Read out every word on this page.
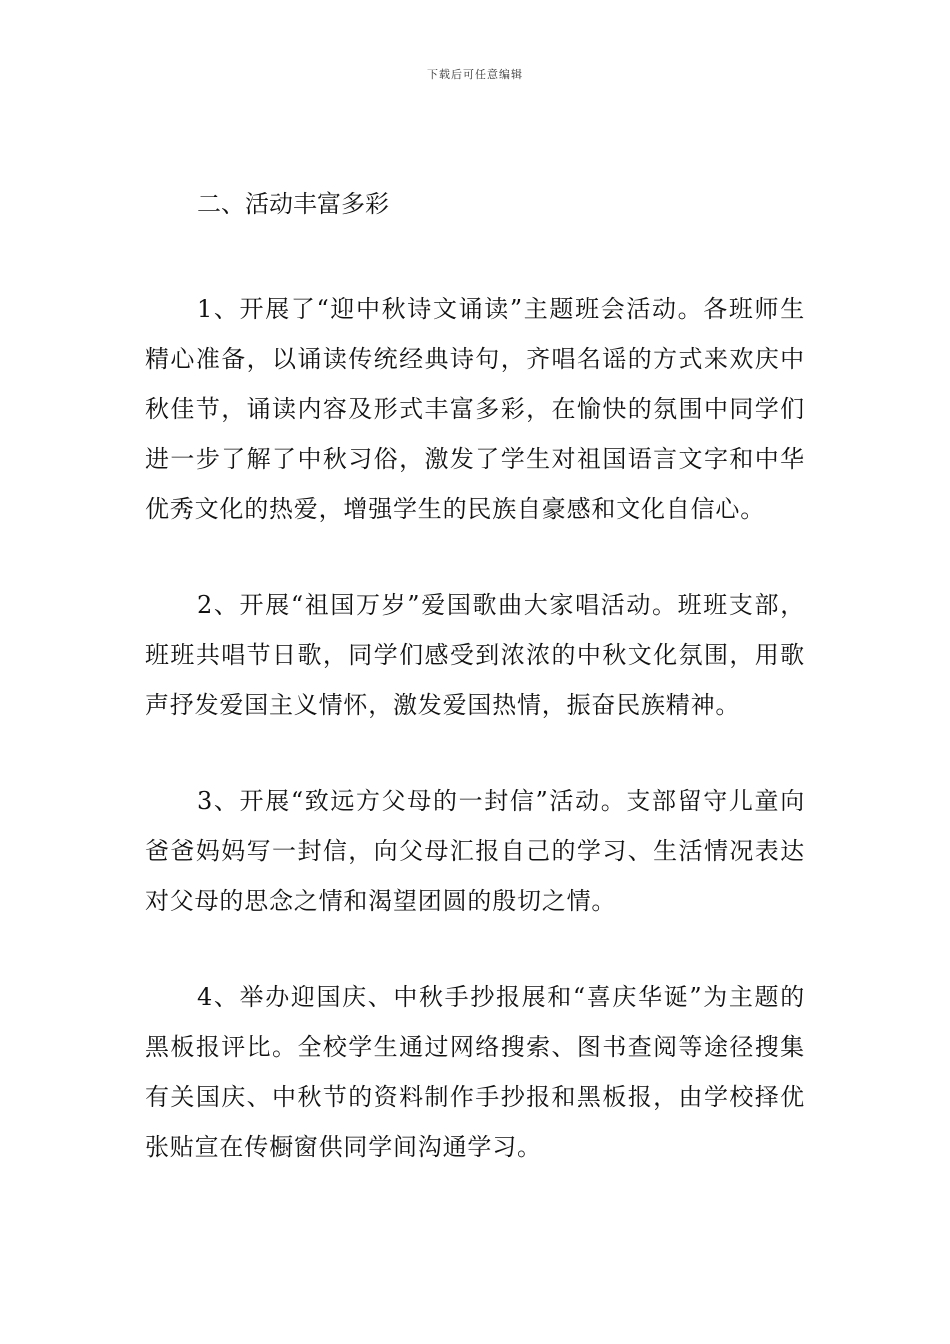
下载后可任意编辑
二、活动丰富多彩

1、开展了“迎中秋诗文诵读”主题班会活动。各班师生精心准备，以诵读传统经典诗句，齐唱名谣的方式来欢庆中秋佳节，诵读内容及形式丰富多彩，在愉快的氛围中同学们进一步了解了中秋习俗，激发了学生对祖国语言文字和中华优秀文化的热爱，增强学生的民族自豪感和文化自信心。

2、开展“祖国万岁”爱国歌曲大家唱活动。班班支部，班班共唱节日歌，同学们感受到浓浓的中秋文化氛围，用歌声抒发爱国主义情怀，激发爱国热情，振奋民族精神。

3、开展“致远方父母的一封信”活动。支部留守儿童向爸爸妈妈写一封信，向父母汇报自己的学习、生活情况表达对父母的思念之情和渴望团圆的殷切之情。

4、举办迎国庆、中秋手抄报展和“喜庆华诞”为主题的黑板报评比。全校学生通过网络搜索、图书查阅等途径搜集有关国庆、中秋节的资料制作手抄报和黑板报，由学校择优张贴宣在传橱窗供同学间沟通学习。
